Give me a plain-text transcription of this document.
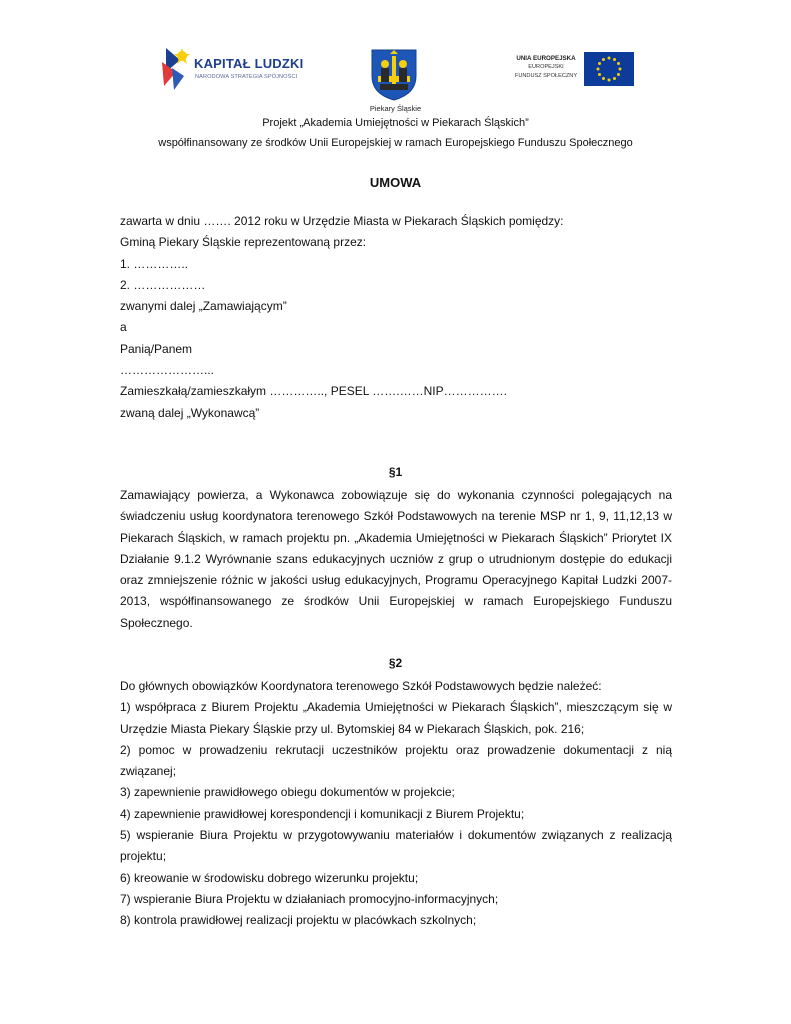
KAPITAŁ LUDZKI
NARODOWA STRATEGIA SPÓJNOŚCI
UNIA EUROPEJSKA
EUROPEJSKI
FUNDUSZ SPOŁECZNY
Piekary Śląskie
Projekt „Akademia Umiejętności w Piekarach Śląskich”
współfinansowany ze środków Unii Europejskiej w ramach Europejskiego Funduszu Społecznego
UMOWA
zawarta w dniu ……. 2012 roku w Urzędzie Miasta w Piekarach Śląskich pomiędzy:
Gminą Piekary Śląskie reprezentowaną przez:
1. …………..
2. ………………
zwanymi dalej „Zamawiającym”
a
Panią/Panem
…………………...
Zamieszkałą/zamieszkałym ………….., PESEL …….……NIP…………….
zwaną dalej „Wykonawcą”
§1
Zamawiający powierza, a Wykonawca zobowiązuje się do wykonania czynności polegających na świadczeniu usług koordynatora terenowego Szkół Podstawowych na terenie MSP nr 1, 9, 11,12,13 w Piekarach Śląskich, w ramach projektu pn. „Akademia Umiejętności w Piekarach Śląskich” Priorytet IX Działanie 9.1.2 Wyrównanie szans edukacyjnych uczniów z grup o utrudnionym dostępie do edukacji oraz zmniejszenie różnic w jakości usług edukacyjnych, Programu Operacyjnego Kapitał Ludzki 2007-2013, współfinansowanego ze środków Unii Europejskiej w ramach Europejskiego Funduszu Społecznego.
§2
Do głównych obowiązków Koordynatora terenowego Szkół Podstawowych będzie należeć:
1) współpraca z Biurem Projektu „Akademia Umiejętności w Piekarach Śląskich”, mieszczącym się w Urzędzie Miasta Piekary Śląskie przy ul. Bytomskiej 84 w Piekarach Śląskich, pok. 216;
2) pomoc w prowadzeniu rekrutacji uczestników projektu oraz prowadzenie dokumentacji z nią związanej;
3) zapewnienie prawidłowego obiegu dokumentów w projekcie;
4) zapewnienie prawidłowej korespondencji i komunikacji z Biurem Projektu;
5) wspieranie Biura Projektu w przygotowywaniu materiałów i dokumentów związanych z realizacją projektu;
6) kreowanie w środowisku dobrego wizerunku projektu;
7) wspieranie Biura Projektu w działaniach promocyjno-informacyjnych;
8) kontrola prawidłowej realizacji projektu w placówkach szkolnych;
